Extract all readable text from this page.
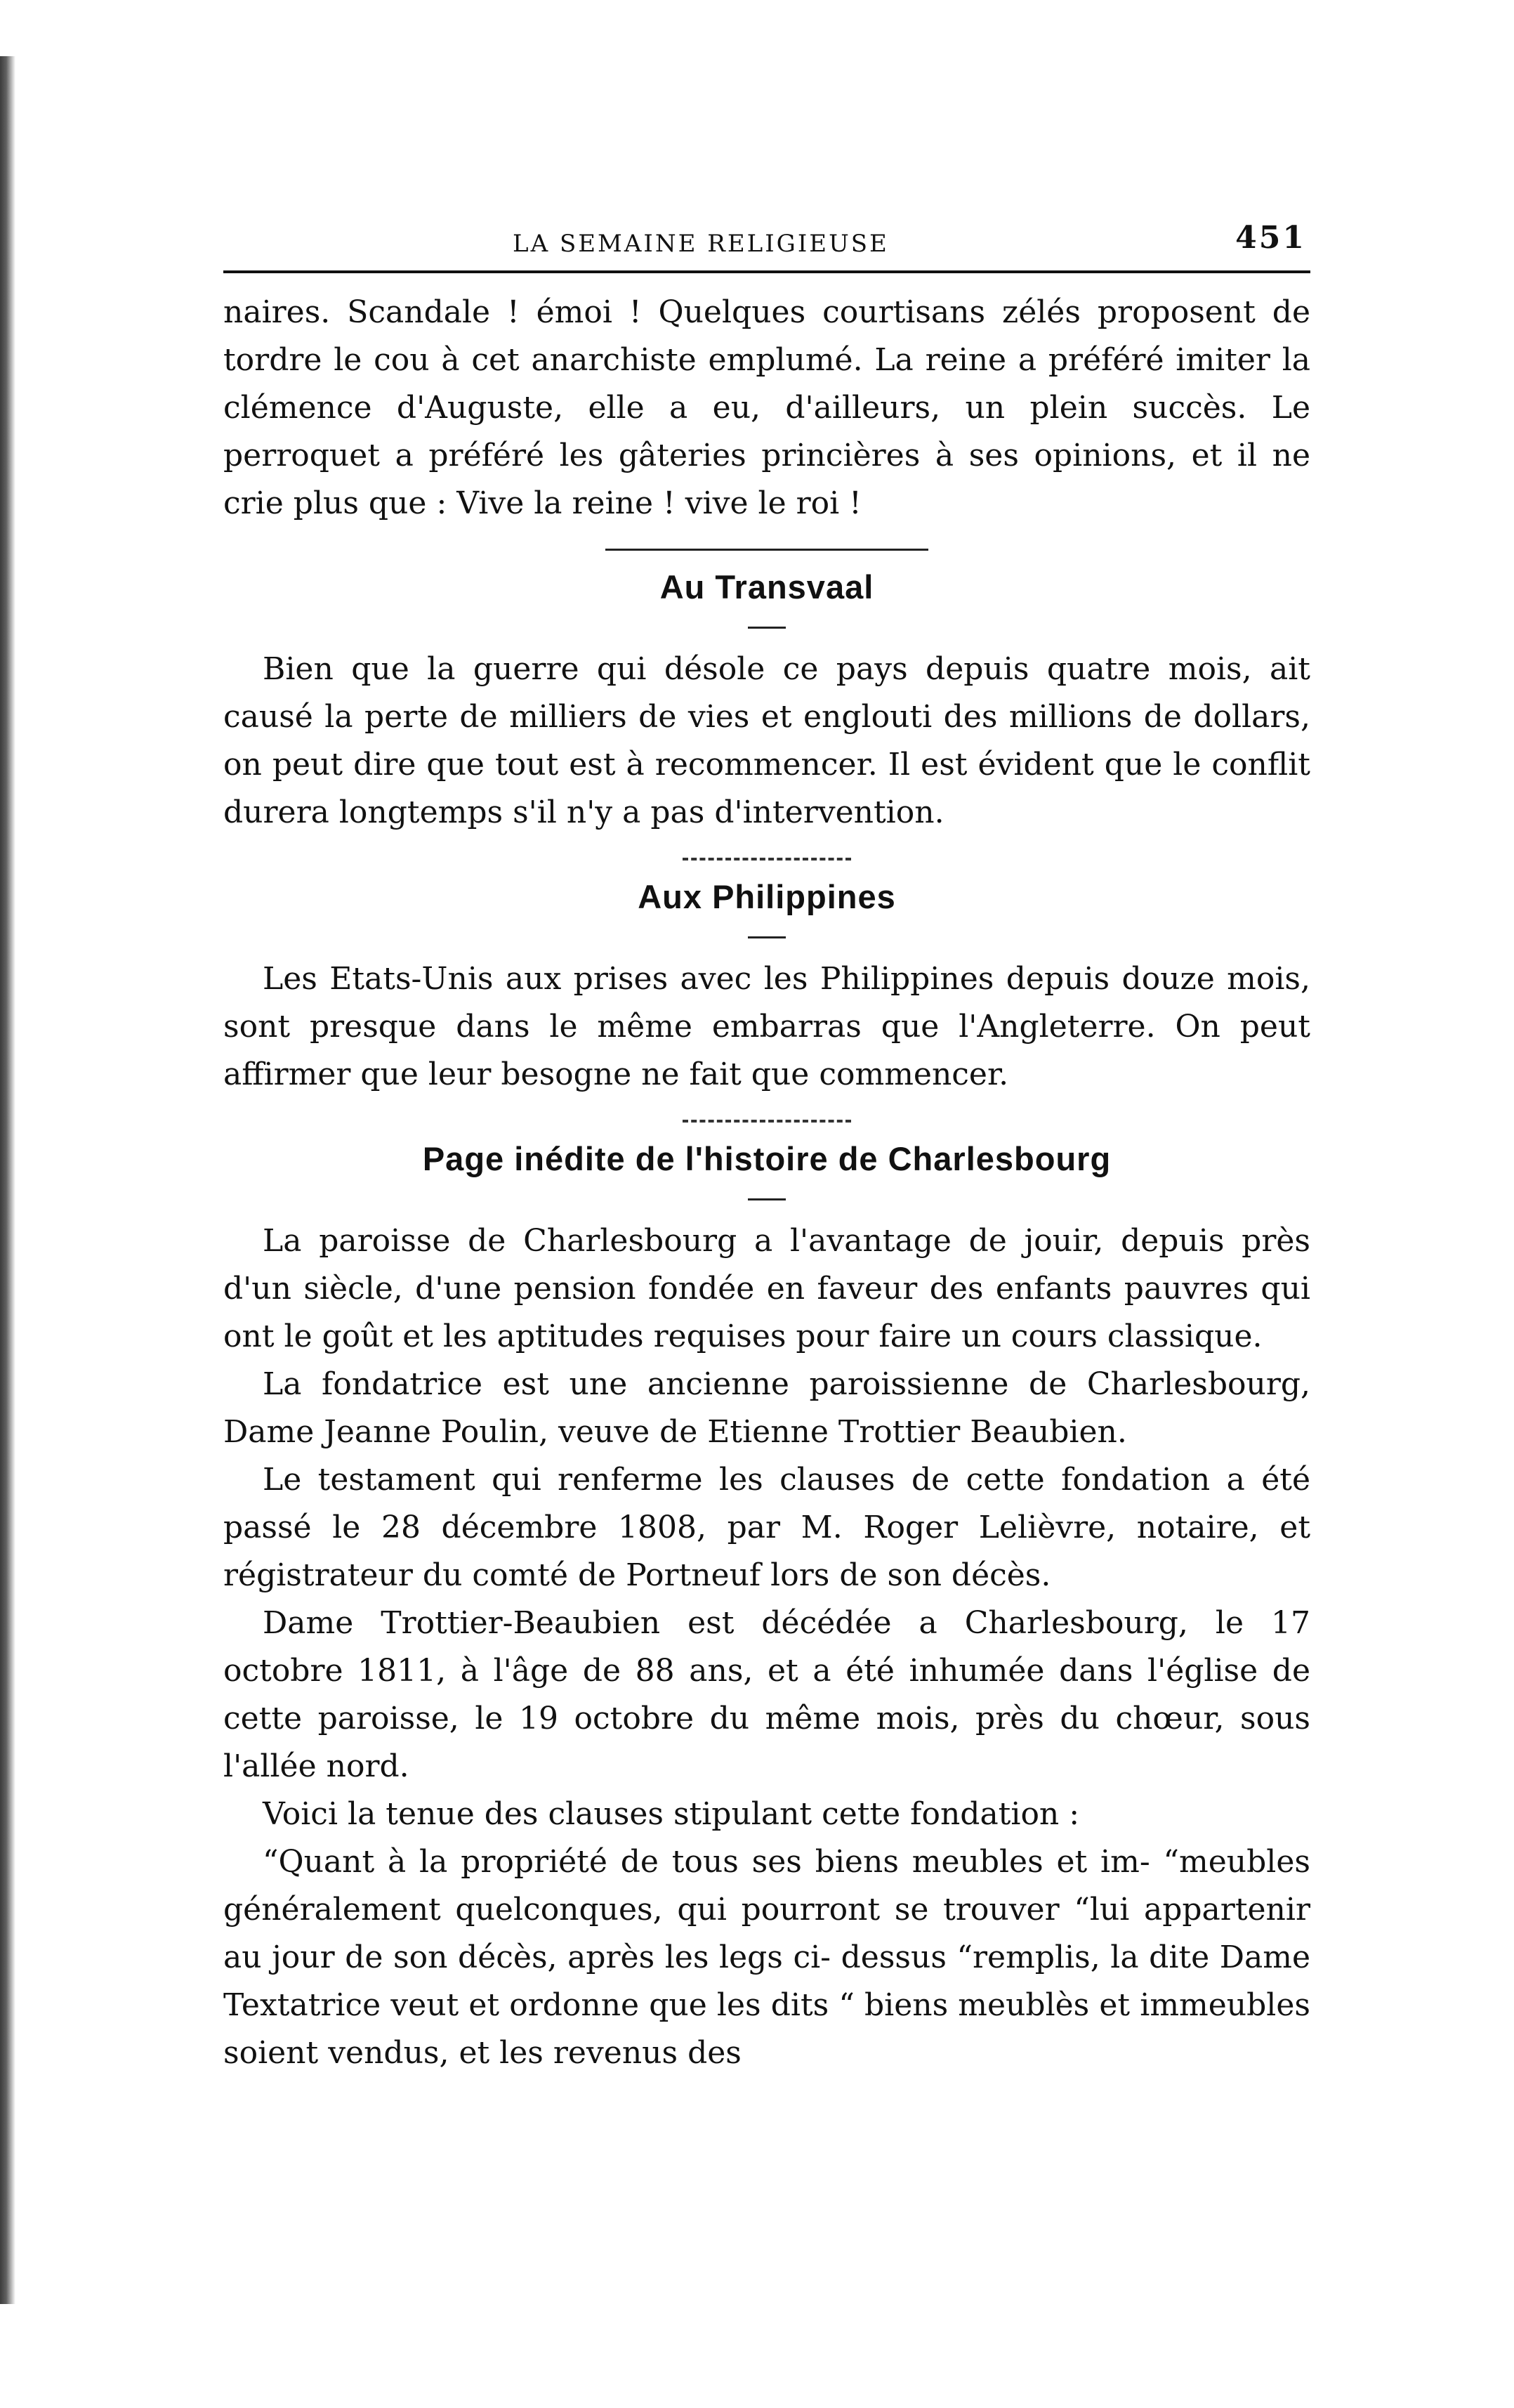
LA SEMAINE RELIGIEUSE	451

naires. Scandale ! émoi ! Quelques courtisans zélés proposent de tordre le cou à cet anarchiste emplumé. La reine a préféré imiter la clémence d'Auguste, elle a eu, d'ailleurs, un plein succès. Le perroquet a préféré les gâteries princières à ses opinions, et il ne crie plus que : Vive la reine ! vive le roi !

Au Transvaal

Bien que la guerre qui désole ce pays depuis quatre mois, ait causé la perte de milliers de vies et englouti des millions de dollars, on peut dire que tout est à recommencer. Il est évident que le conflit durera longtemps s'il n'y a pas d'intervention.

Aux Philippines

Les Etats-Unis aux prises avec les Philippines depuis douze mois, sont presque dans le même embarras que l'Angleterre. On peut affirmer que leur besogne ne fait que commencer.

Page inédite de l'histoire de Charlesbourg

La paroisse de Charlesbourg a l'avantage de jouir, depuis près d'un siècle, d'une pension fondée en faveur des enfants pauvres qui ont le goût et les aptitudes requises pour faire un cours classique.

La fondatrice est une ancienne paroissienne de Charlesbourg, Dame Jeanne Poulin, veuve de Etienne Trottier Beaubien.

Le testament qui renferme les clauses de cette fondation a été passé le 28 décembre 1808, par M. Roger Lelièvre, notaire, et régistrateur du comté de Portneuf lors de son décès.

Dame Trottier-Beaubien est décédée a Charlesbourg, le 17 octobre 1811, à l'âge de 88 ans, et a été inhumée dans l'église de cette paroisse, le 19 octobre du même mois, près du chœur, sous l'allée nord.

Voici la tenue des clauses stipulant cette fondation :

“Quant à la propriété de tous ses biens meubles et im- “meubles généralement quelconques, qui pourront se trouver “lui appartenir au jour de son décès, après les legs ci- dessus “remplis, la dite Dame Textatrice veut et ordonne que les dits “ biens meublès et immeubles soient vendus, et les revenus des
